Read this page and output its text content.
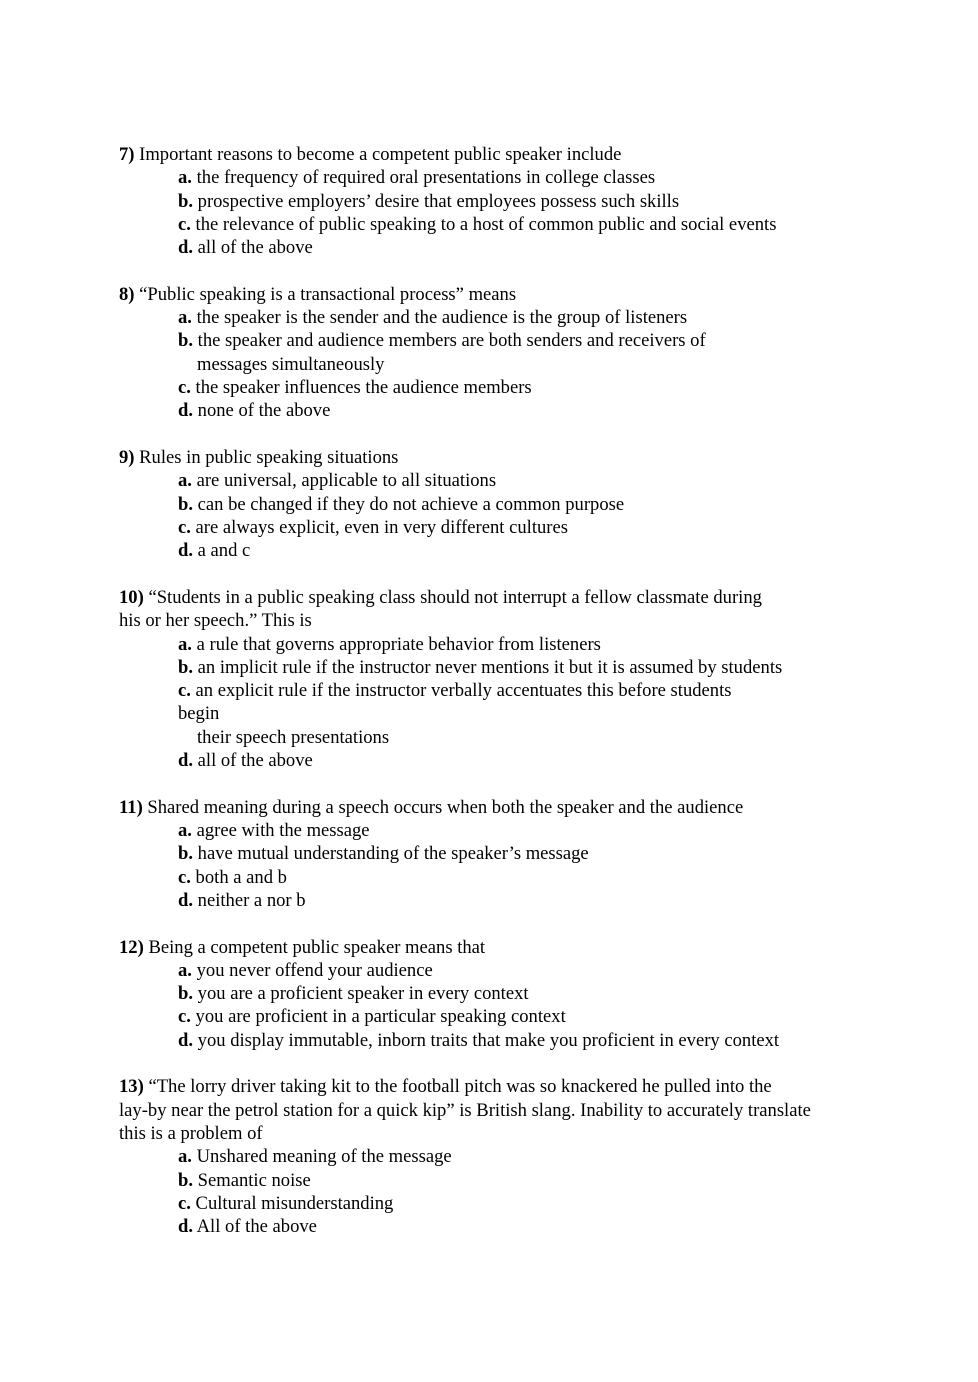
7) Important reasons to become a competent public speaker include
a. the frequency of required oral presentations in college classes
b. prospective employers’ desire that employees possess such skills
c. the relevance of public speaking to a host of common public and social events
d. all of the above
8) “Public speaking is a transactional process” means
a. the speaker is the sender and the audience is the group of listeners
b. the speaker and audience members are both senders and receivers of
messages simultaneously
c. the speaker influences the audience members
d. none of the above
9) Rules in public speaking situations
a. are universal, applicable to all situations
b. can be changed if they do not achieve a common purpose
c. are always explicit, even in very different cultures
d. a and c
10) “Students in a public speaking class should not interrupt a fellow classmate during
his or her speech.” This is
a. a rule that governs appropriate behavior from listeners
b. an implicit rule if the instructor never mentions it but it is assumed by students
c. an explicit rule if the instructor verbally accentuates this before students
begin
their speech presentations
d. all of the above
11) Shared meaning during a speech occurs when both the speaker and the audience
a. agree with the message
b. have mutual understanding of the speaker’s message
c. both a and b
d. neither a nor b
12) Being a competent public speaker means that
a. you never offend your audience
b. you are a proficient speaker in every context
c. you are proficient in a particular speaking context
d. you display immutable, inborn traits that make you proficient in every context
13) “The lorry driver taking kit to the football pitch was so knackered he pulled into the
lay-by near the petrol station for a quick kip” is British slang. Inability to accurately translate
this is a problem of
a. Unshared meaning of the message
b. Semantic noise
c. Cultural misunderstanding
d. All of the above
